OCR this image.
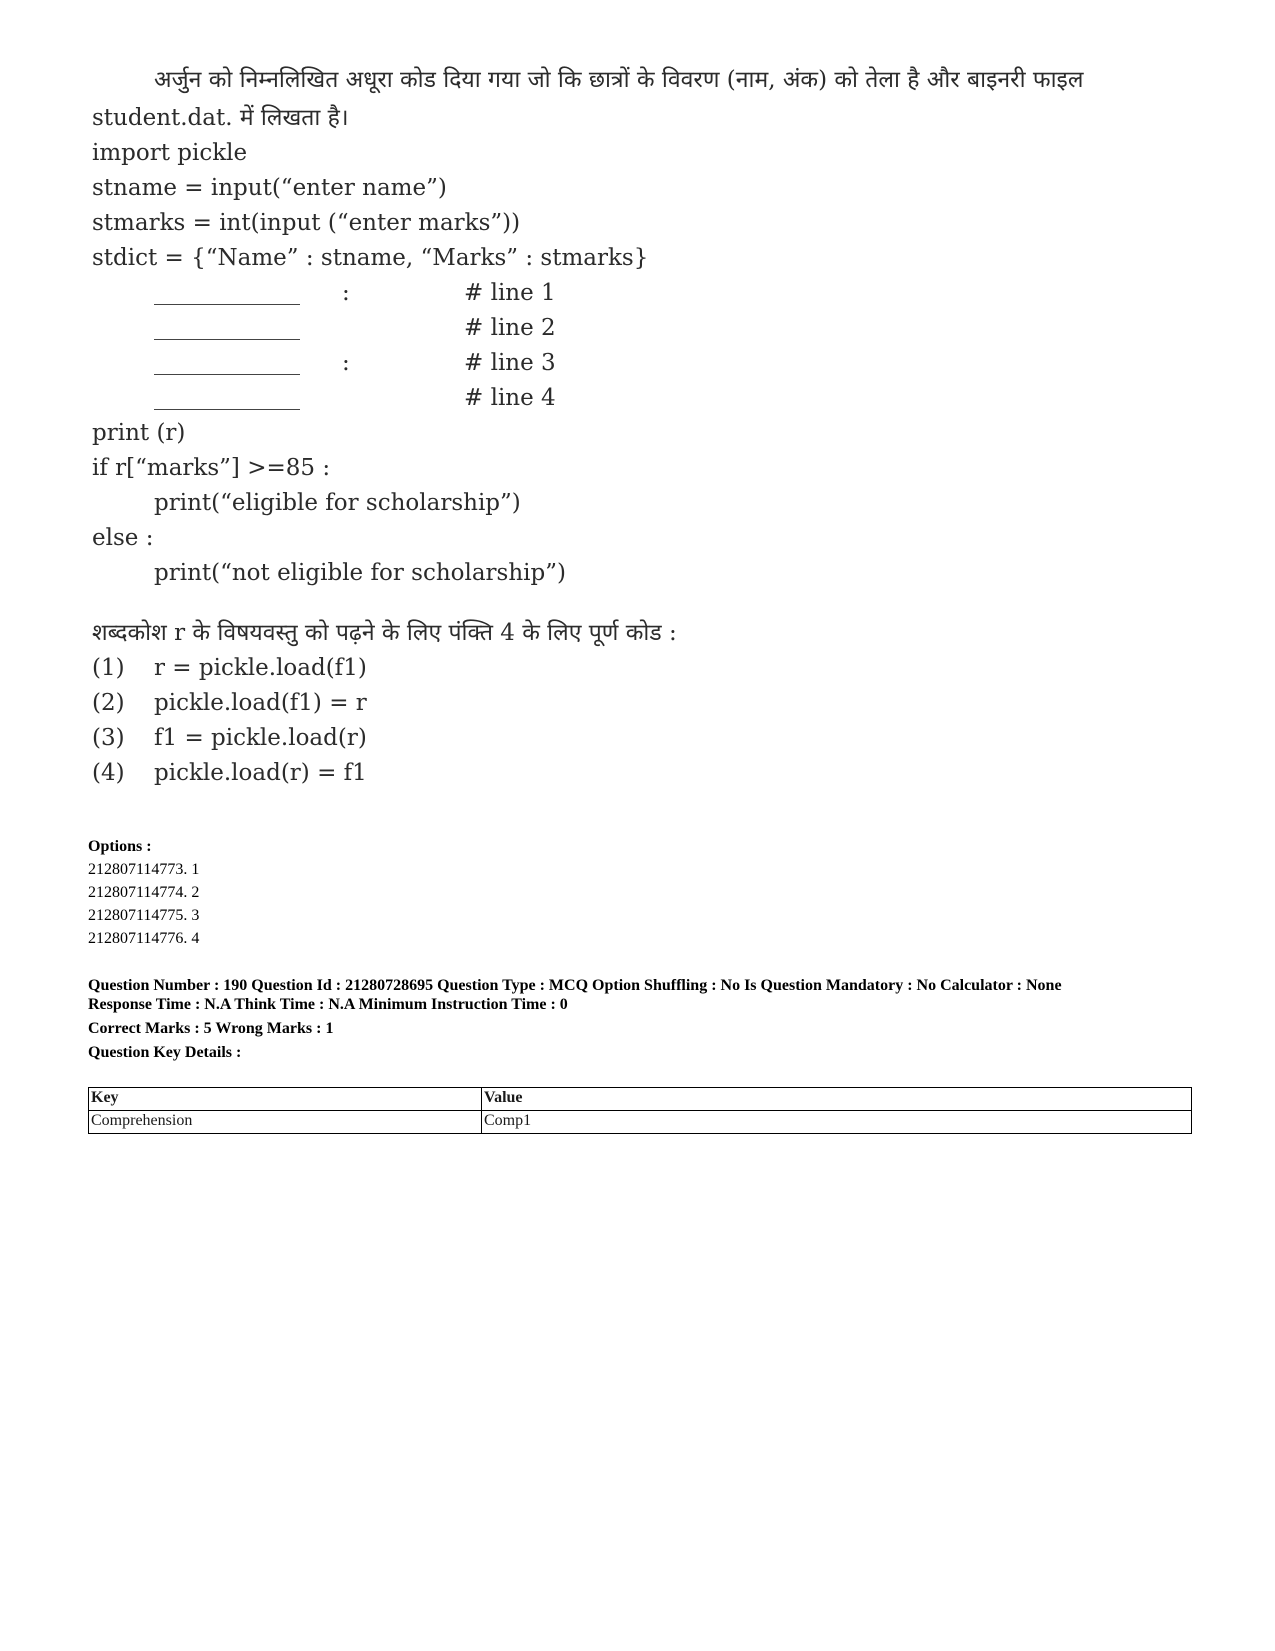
अर्जुन को निम्नलिखित अधूरा कोड दिया गया जो कि छात्रों के विवरण (नाम, अंक) को तेला है और बाइनरी फाइल
student.dat. में लिखता है।
import pickle
stname = input(“enter name”)
stmarks = int(input (“enter marks”))
stdict = {“Name” : stname, “Marks” : stmarks}
:	# line 1
# line 2
:	# line 3
# line 4
print (r)
if r[“marks”] >=85 :
print(“eligible for scholarship”)
else :
print(“not eligible for scholarship”)
शब्दकोश r के विषयवस्तु को पढ़ने के लिए पंक्ति 4 के लिए पूर्ण कोड :
(1) r = pickle.load(f1)
(2) pickle.load(f1) = r
(3) f1 = pickle.load(r)
(4) pickle.load(r) = f1
Options :
212807114773. 1
212807114774. 2
212807114775. 3
212807114776. 4
Question Number : 190 Question Id : 21280728695 Question Type : MCQ Option Shuffling : No Is Question Mandatory : No Calculator : None
Response Time : N.A Think Time : N.A Minimum Instruction Time : 0
Correct Marks : 5 Wrong Marks : 1
Question Key Details :
Key	Value
Comprehension	Comp1
